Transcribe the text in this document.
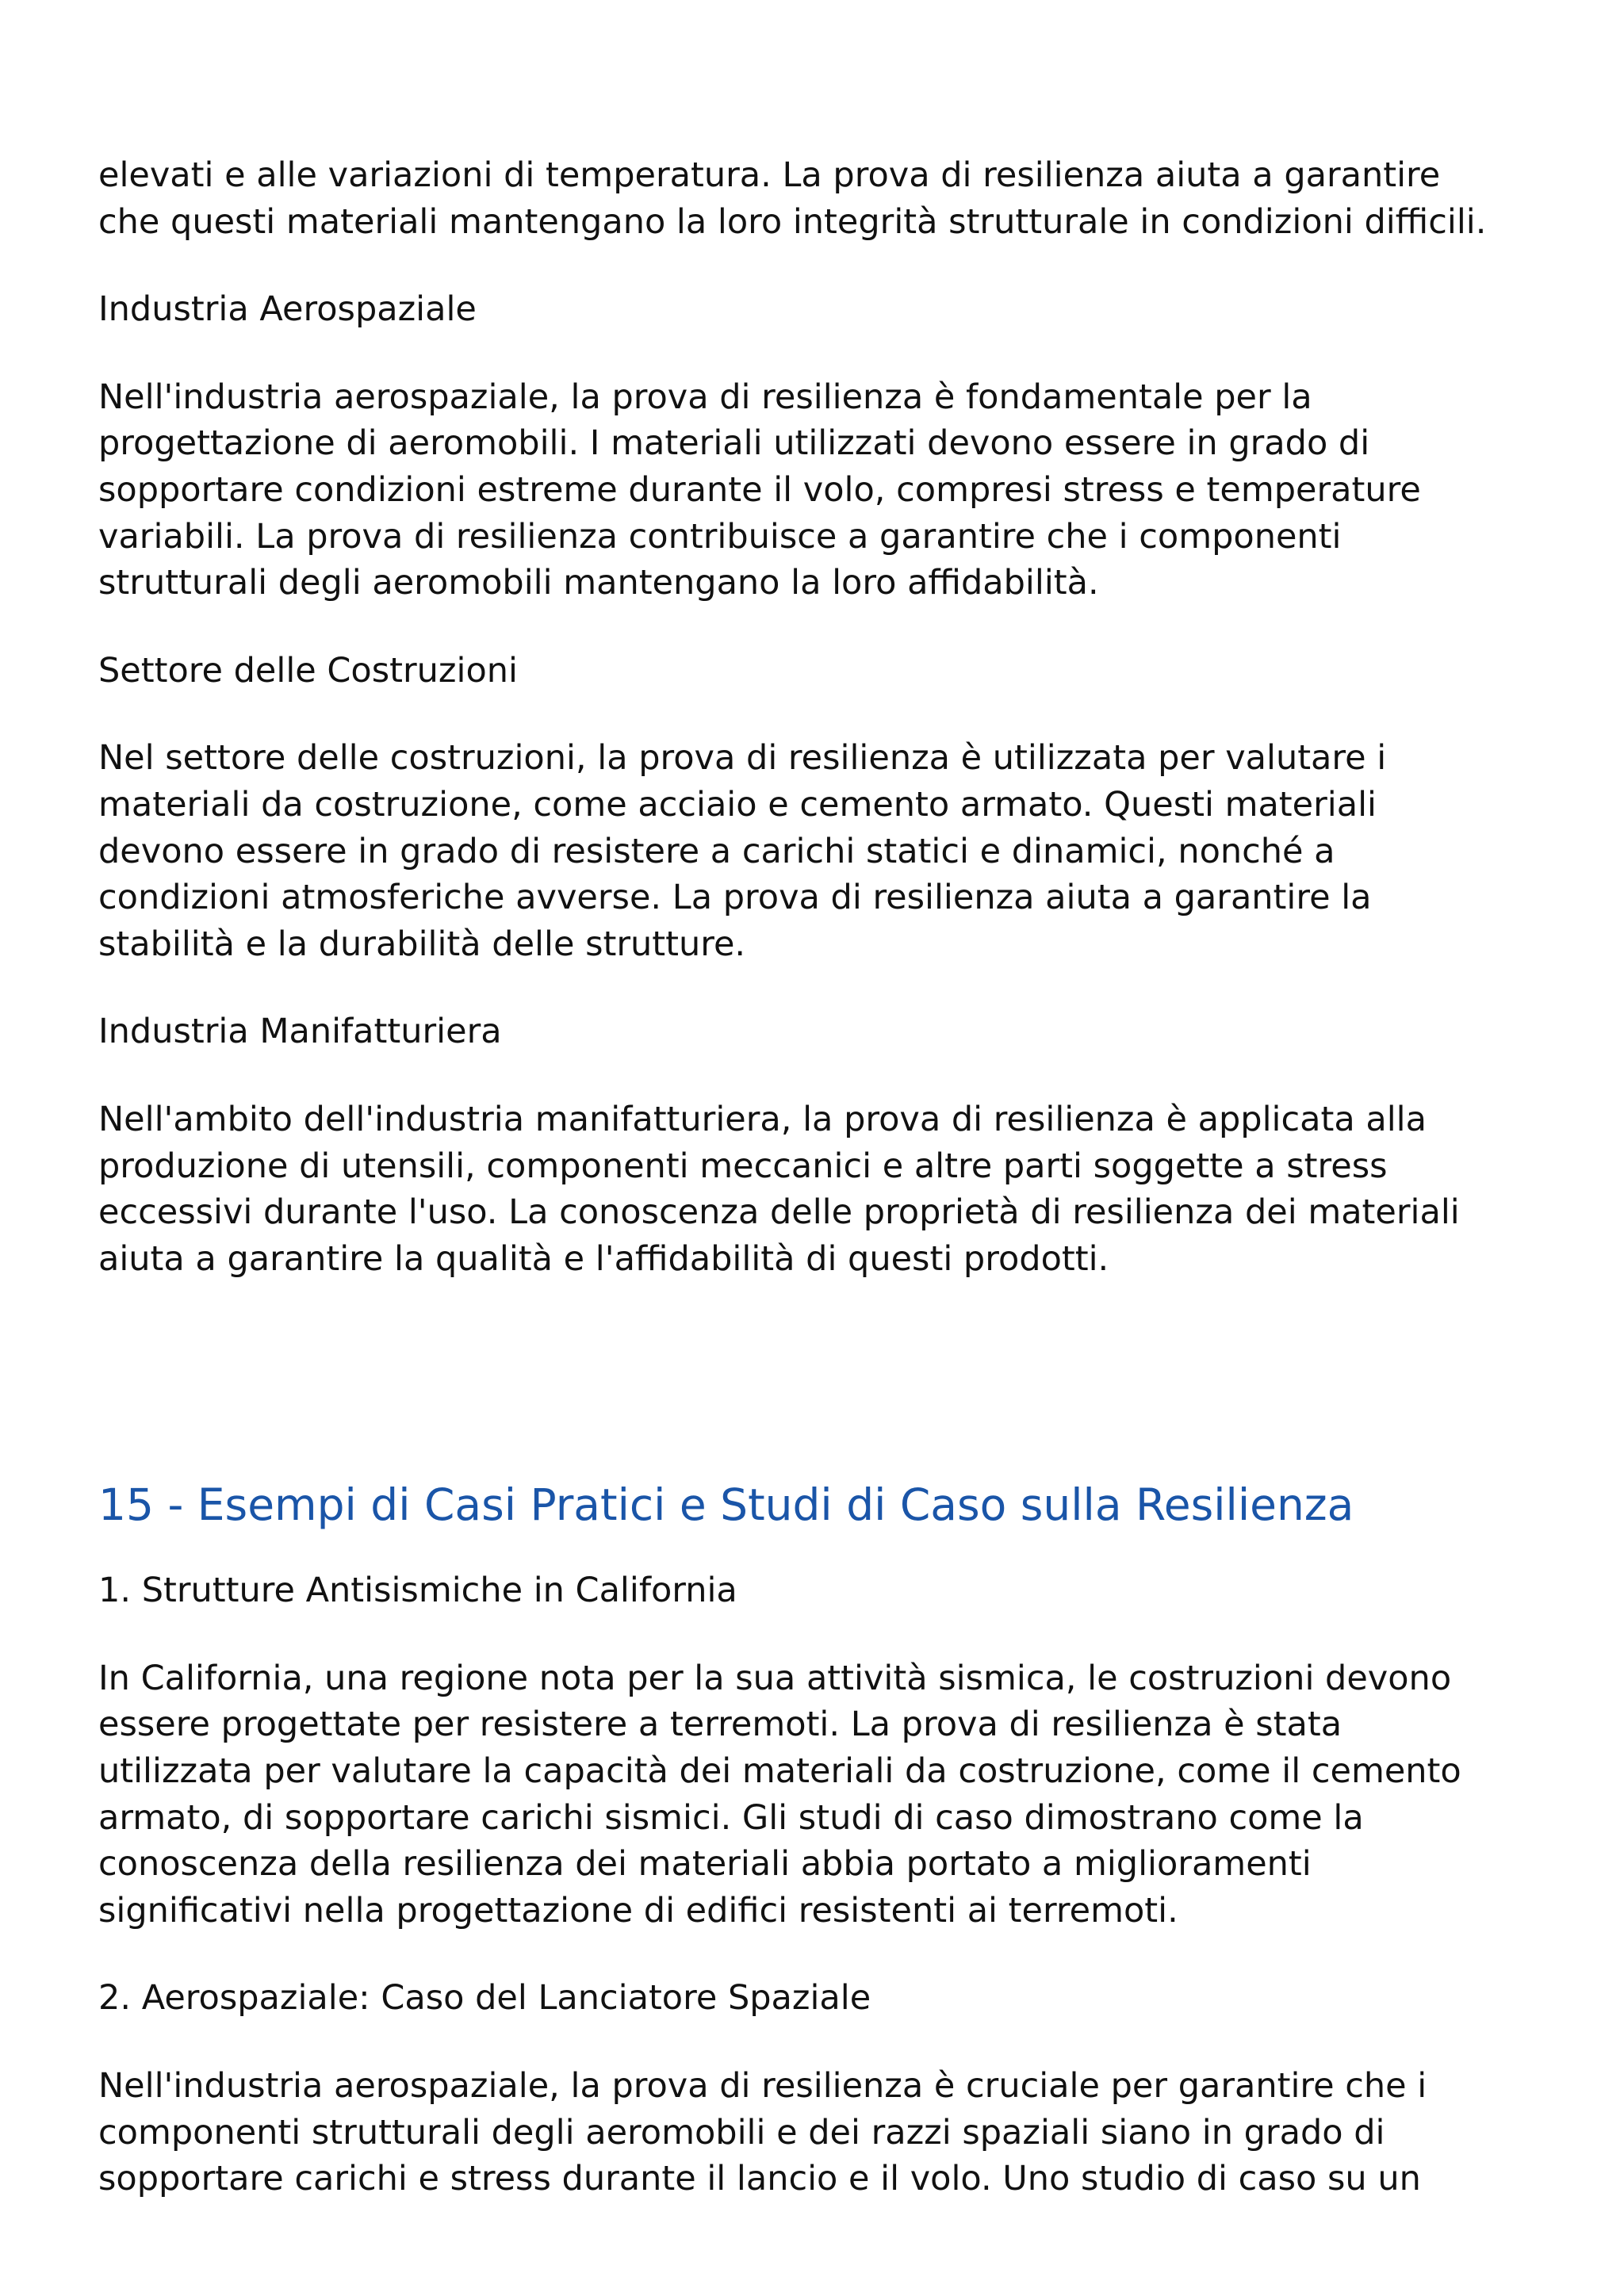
elevati e alle variazioni di temperatura. La prova di resilienza aiuta a garantire

che questi materiali mantengano la loro integrità strutturale in condizioni difficili.

Industria Aerospaziale

Nell'industria aerospaziale, la prova di resilienza è fondamentale per la

progettazione di aeromobili. I materiali utilizzati devono essere in grado di

sopportare condizioni estreme durante il volo, compresi stress e temperature

variabili. La prova di resilienza contribuisce a garantire che i componenti

strutturali degli aeromobili mantengano la loro affidabilità.

Settore delle Costruzioni

Nel settore delle costruzioni, la prova di resilienza è utilizzata per valutare i

materiali da costruzione, come acciaio e cemento armato. Questi materiali

devono essere in grado di resistere a carichi statici e dinamici, nonché a

condizioni atmosferiche avverse. La prova di resilienza aiuta a garantire la

stabilità e la durabilità delle strutture.

Industria Manifatturiera

Nell'ambito dell'industria manifatturiera, la prova di resilienza è applicata alla

produzione di utensili, componenti meccanici e altre parti soggette a stress

eccessivi durante l'uso. La conoscenza delle proprietà di resilienza dei materiali

aiuta a garantire la qualità e l'affidabilità di questi prodotti.

15 - Esempi di Casi Pratici e Studi di Caso sulla Resilienza

1. Strutture Antisismiche in California

In California, una regione nota per la sua attività sismica, le costruzioni devono

essere progettate per resistere a terremoti. La prova di resilienza è stata

utilizzata per valutare la capacità dei materiali da costruzione, come il cemento

armato, di sopportare carichi sismici. Gli studi di caso dimostrano come la

conoscenza della resilienza dei materiali abbia portato a miglioramenti

significativi nella progettazione di edifici resistenti ai terremoti.

2. Aerospaziale: Caso del Lanciatore Spaziale

Nell'industria aerospaziale, la prova di resilienza è cruciale per garantire che i

componenti strutturali degli aeromobili e dei razzi spaziali siano in grado di

sopportare carichi e stress durante il lancio e il volo. Uno studio di caso su un
